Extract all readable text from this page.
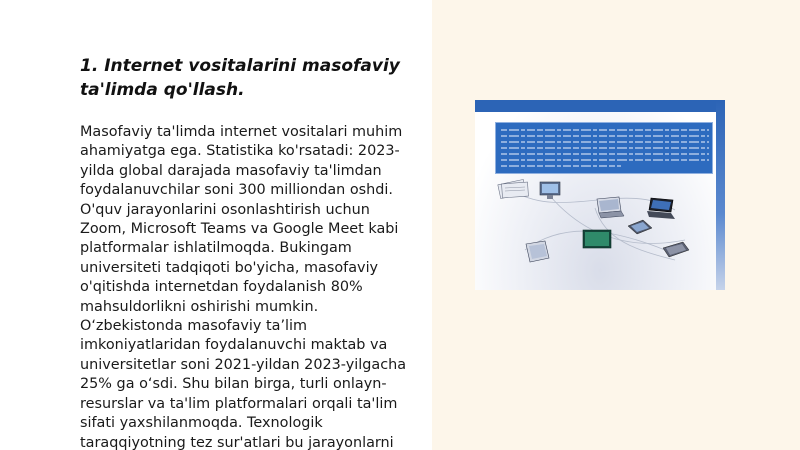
1. Internet vositalarini masofaviy ta'limda qo'llash.

Masofaviy ta'limda internet vositalari muhim ahamiyatga ega. Statistika ko'rsatadi: 2023-yilda global darajada masofaviy ta'limdan foydalanuvchilar soni 300 milliondan oshdi. O'quv jarayonlarini osonlashtirish uchun Zoom, Microsoft Teams va Google Meet kabi platformalar ishlatilmoqda. Bukingam universiteti tadqiqoti bo'yicha, masofaviy o'qitishda internetdan foydalanish 80% mahsuldorlikni oshirishi mumkin. O‘zbekistonda masofaviy ta’lim imkoniyatlaridan foydalanuvchi maktab va universitetlar soni 2021-yildan 2023-yilgacha 25% ga o‘sdi. Shu bilan birga, turli onlayn-resurslar va ta'lim platformalari orqali ta'lim sifati yaxshilanmoqda. Texnologik taraqqiyotning tez sur'atlari bu jarayonlarni
